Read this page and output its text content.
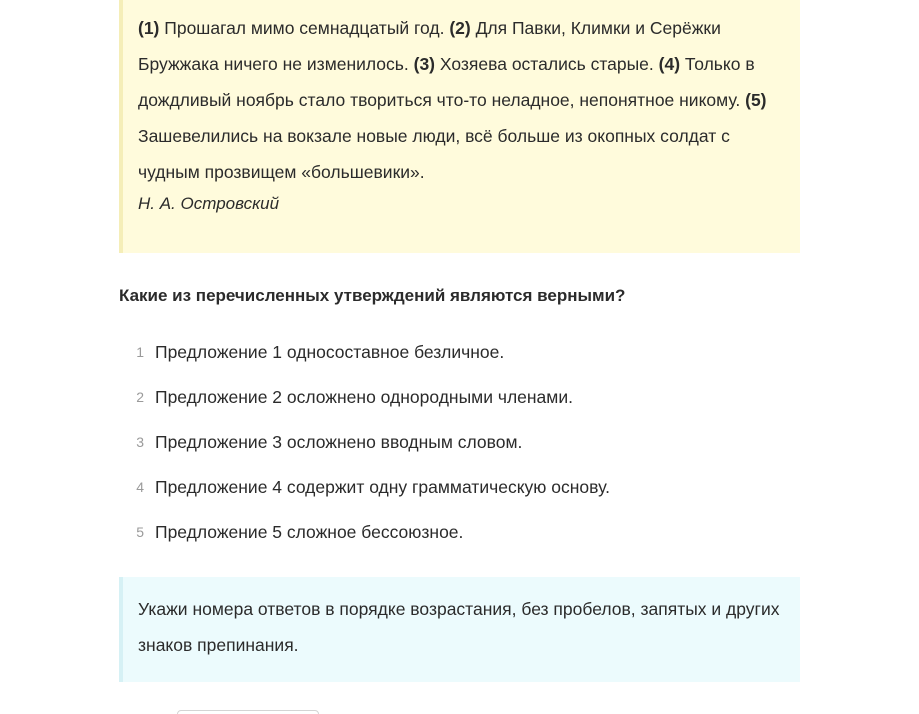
(1) Прошагал мимо семнадцатый год. (2) Для Павки, Климки и Серёжки Бружжака ничего не изменилось. (3) Хозяева остались старые. (4) Только в дождливый ноябрь стало твориться что-то неладное, непонятное никому. (5) Зашевелились на вокзале новые люди, всё больше из окопных солдат с чудным прозвищем «большевики».

Н. А. Островский
Какие из перечисленных утверждений являются верными?
1 Предложение 1 односоставное безличное.
2 Предложение 2 осложнено однородными членами.
3 Предложение 3 осложнено вводным словом.
4 Предложение 4 содержит одну грамматическую основу.
5 Предложение 5 сложное бессоюзное.
Укажи номера ответов в порядке возрастания, без пробелов, запятых и других знаков препинания.
